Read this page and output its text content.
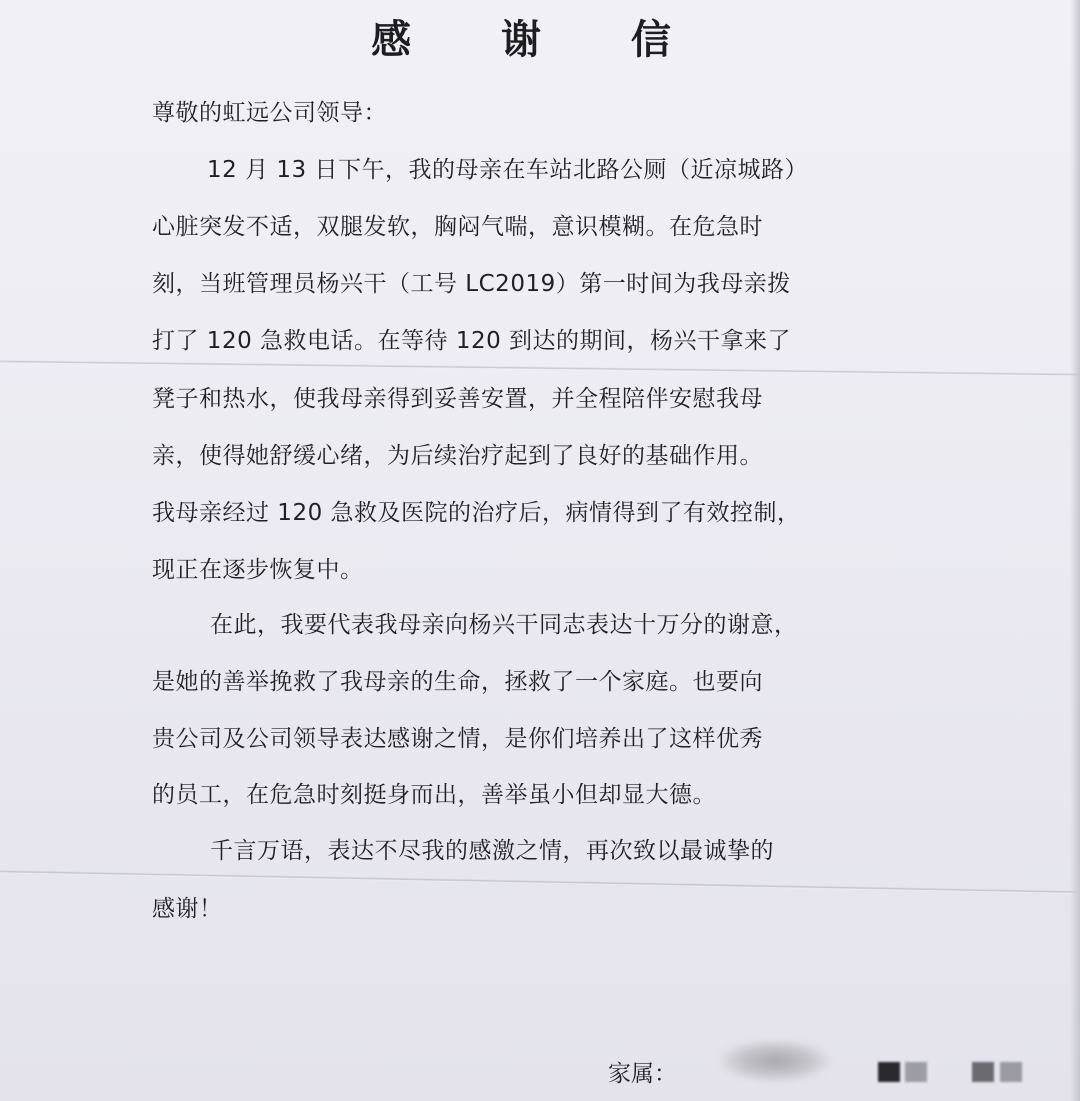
感 谢 信
尊敬的虹远公司领导：
12 月 13 日下午，我的母亲在车站北路公厕（近凉城路）
心脏突发不适，双腿发软，胸闷气喘，意识模糊。在危急时
刻，当班管理员杨兴干（工号 LC2019）第一时间为我母亲拨
打了 120 急救电话。在等待 120 到达的期间，杨兴干拿来了
凳子和热水，使我母亲得到妥善安置，并全程陪伴安慰我母
亲，使得她舒缓心绪，为后续治疗起到了良好的基础作用。
我母亲经过 120 急救及医院的治疗后，病情得到了有效控制，
现正在逐步恢复中。
在此，我要代表我母亲向杨兴干同志表达十万分的谢意，
是她的善举挽救了我母亲的生命，拯救了一个家庭。也要向
贵公司及公司领导表达感谢之情，是你们培养出了这样优秀
的员工，在危急时刻挺身而出，善举虽小但却显大德。
千言万语，表达不尽我的感激之情，再次致以最诚挚的
感谢！
家属：
